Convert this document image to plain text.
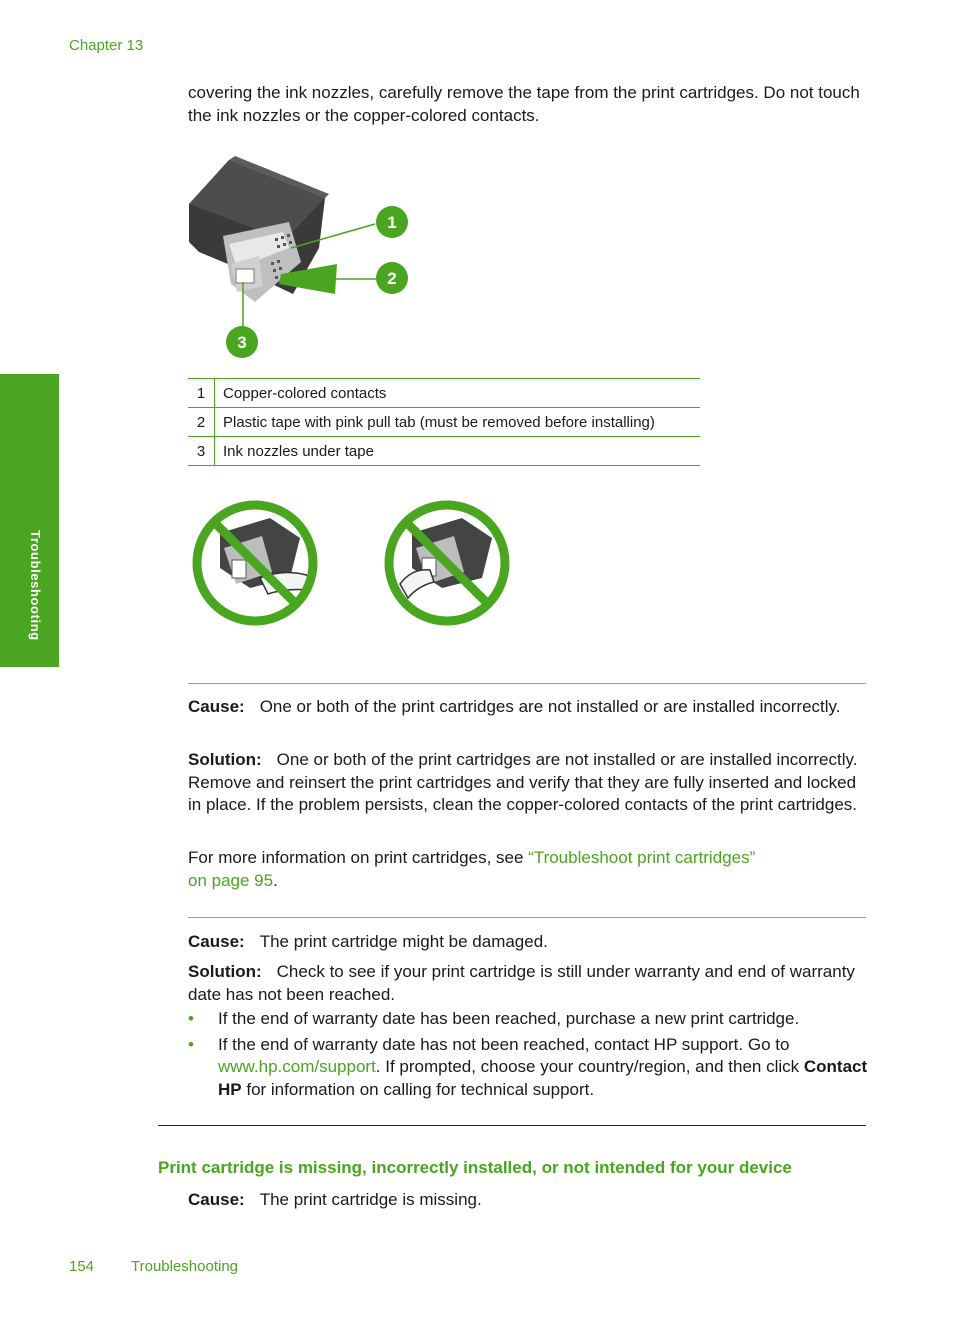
Chapter 13
Troubleshooting

covering the ink nozzles, carefully remove the tape from the print cartridges. Do not touch the ink nozzles or the copper-colored contacts.

1
2
3
1	Copper-colored contacts
2	Plastic tape with pink pull tab (must be removed before installing)
3	Ink nozzles under tape

Cause: One or both of the print cartridges are not installed or are installed incorrectly.

Solution: One or both of the print cartridges are not installed or are installed incorrectly. Remove and reinsert the print cartridges and verify that they are fully inserted and locked in place. If the problem persists, clean the copper-colored contacts of the print cartridges.

For more information on print cartridges, see “Troubleshoot print cartridges”
on page 95.

Cause: The print cartridge might be damaged.

Solution: Check to see if your print cartridge is still under warranty and end of warranty date has not been reached.

• If the end of warranty date has been reached, purchase a new print cartridge.
• If the end of warranty date has not been reached, contact HP support. Go to www.hp.com/support. If prompted, choose your country/region, and then click Contact HP for information on calling for technical support.
Print cartridge is missing, incorrectly installed, or not intended for your device

Cause: The print cartridge is missing.

154 Troubleshooting
